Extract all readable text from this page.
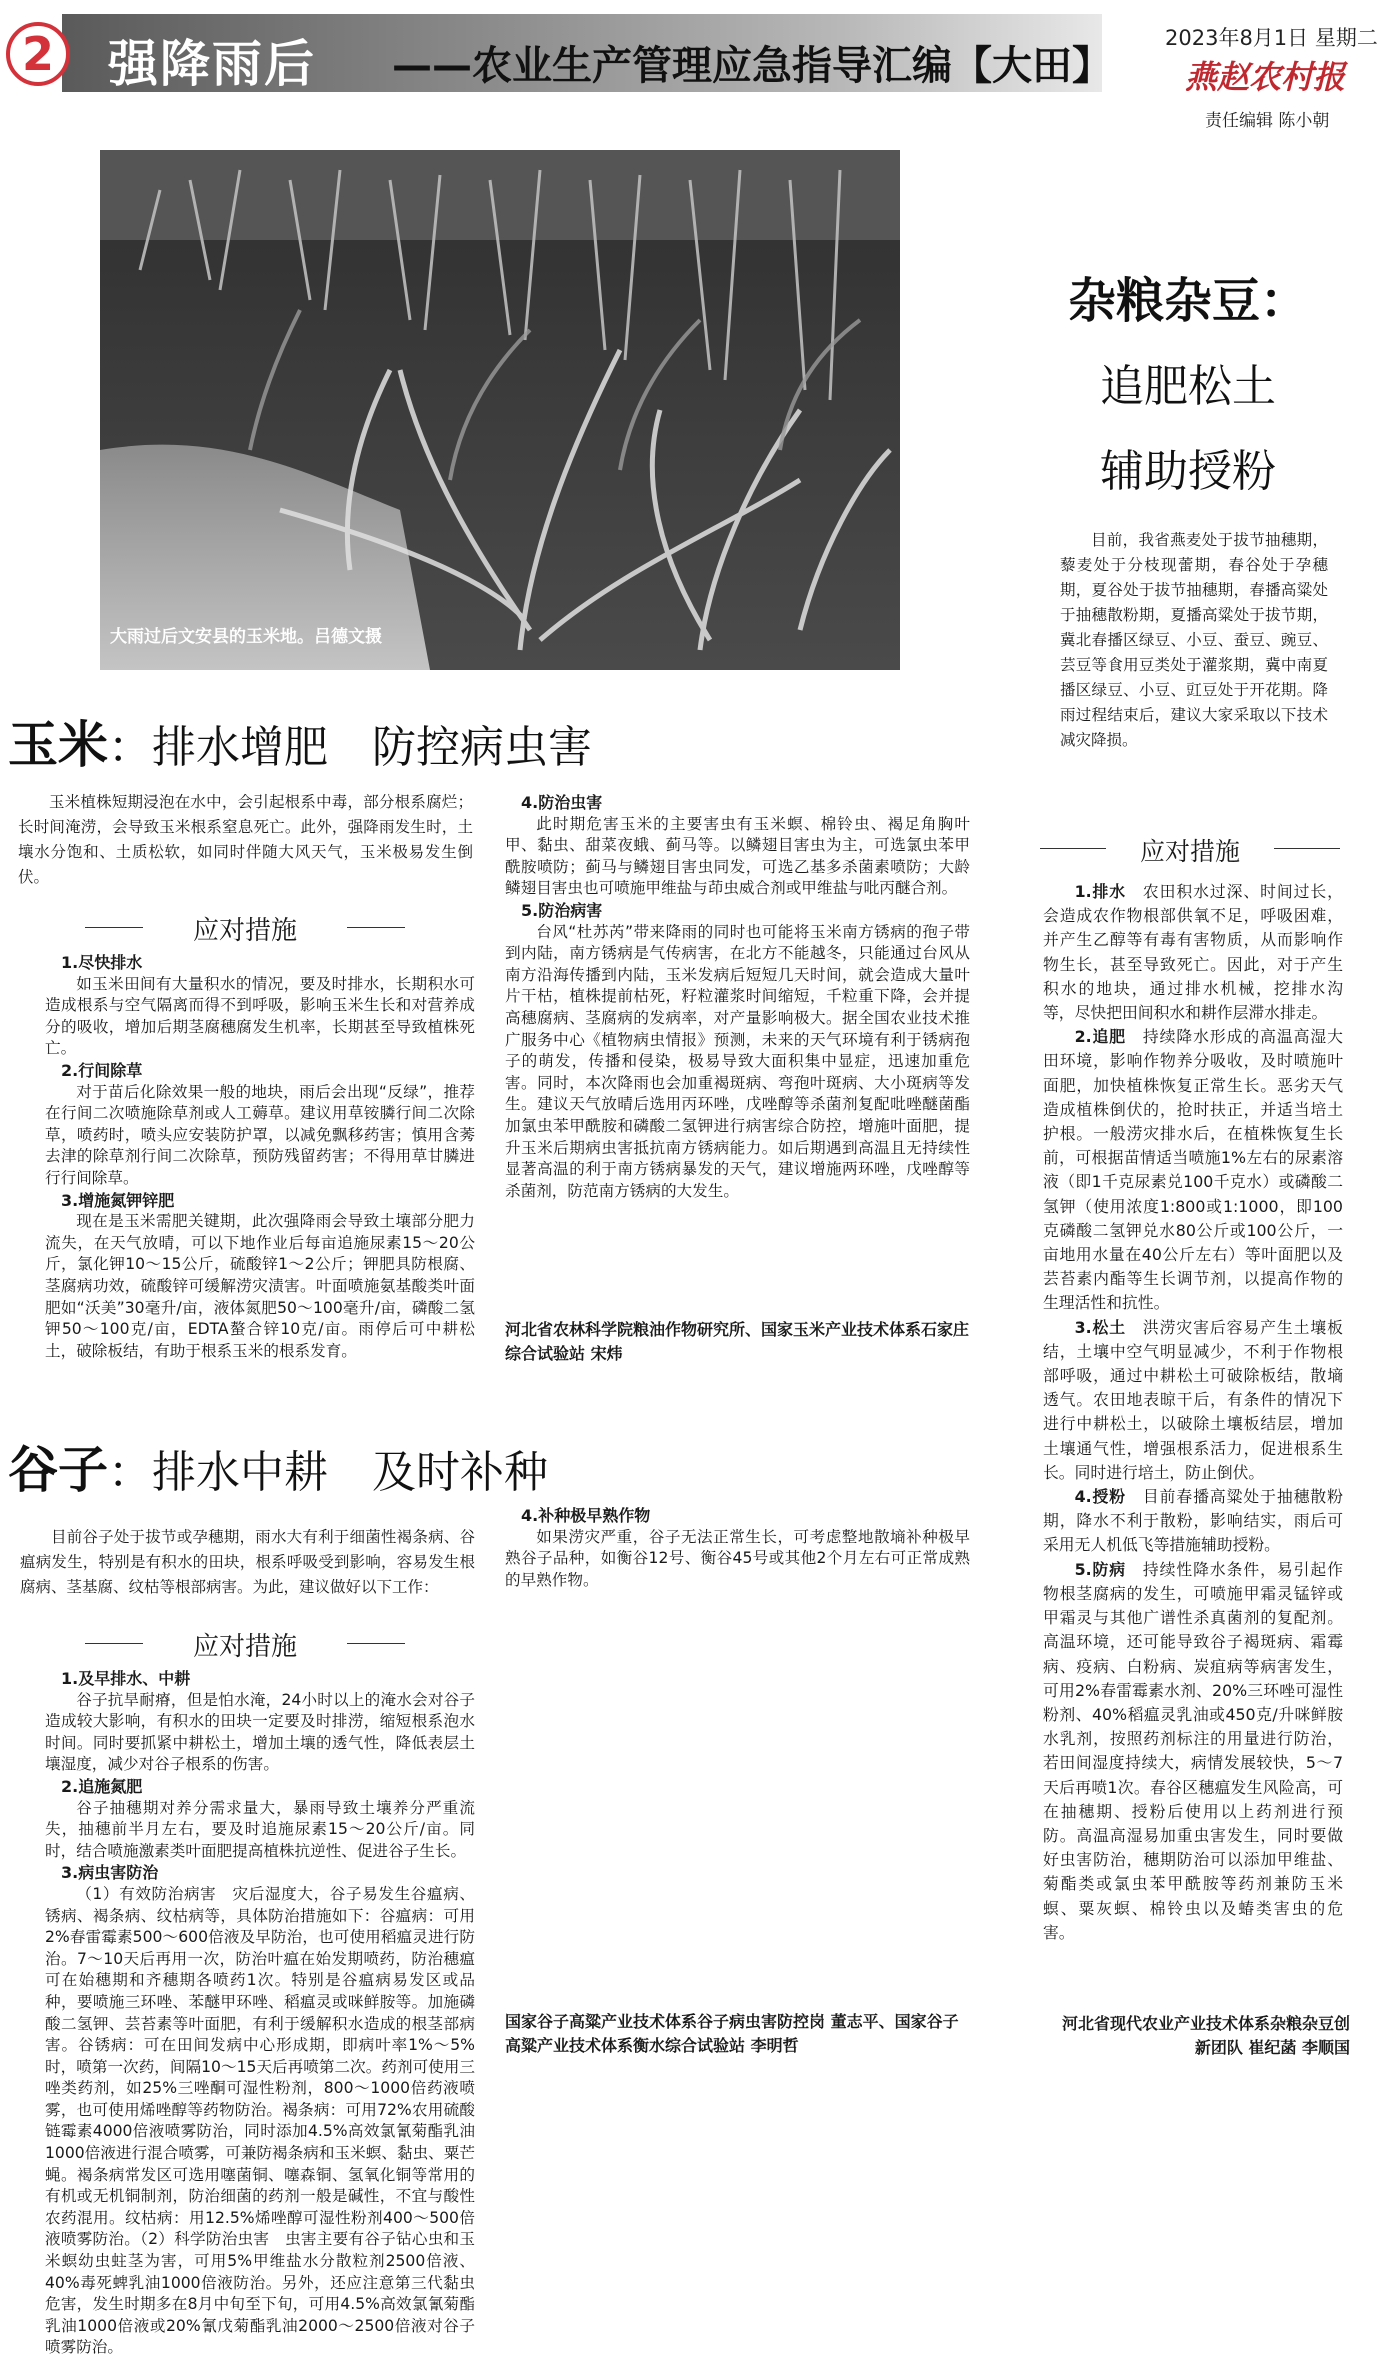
2	强降雨后 ——农业生产管理应急指导汇编【大田】
2023年8月1日 星期二
燕赵农村报
责任编辑 陈小朝
大雨过后文安县的玉米地。吕德文摄
杂粮杂豆：
追肥松土
辅助授粉

目前，我省燕麦处于拔节抽穗期，藜麦处于分枝现蕾期，春谷处于孕穗期，夏谷处于拔节抽穗期，春播高粱处于抽穗散粉期，夏播高粱处于拔节期，冀北春播区绿豆、小豆、蚕豆、豌豆、芸豆等食用豆类处于灌浆期，冀中南夏播区绿豆、小豆、豇豆处于开花期。降雨过程结束后，建议大家采取以下技术减灾降损。

应对措施

1.排水　 农田积水过深、时间过长，会造成农作物根部供氧不足，呼吸困难，并产生乙醇等有毒有害物质，从而影响作物生长，甚至导致死亡。因此，对于产生积水的地块，通过排水机械，挖排水沟等，尽快把田间积水和耕作层滞水排走。

2.追肥　 持续降水形成的高温高湿大田环境，影响作物养分吸收，及时喷施叶面肥，加快植株恢复正常生长。恶劣天气造成植株倒伏的，抢时扶正，并适当培土护根。一般涝灾排水后，在植株恢复生长前，可根据苗情适当喷施1%左右的尿素溶液（即1千克尿素兑100千克水）或磷酸二氢钾（使用浓度1:800或1:1000，即100克磷酸二氢钾兑水80公斤或100公斤，一亩地用水量在40公斤左右）等叶面肥以及芸苔素内酯等生长调节剂，以提高作物的生理活性和抗性。

3.松土　 洪涝灾害后容易产生土壤板结，土壤中空气明显减少，不利于作物根部呼吸，通过中耕松土可破除板结，散墒透气。农田地表晾干后，有条件的情况下进行中耕松土，以破除土壤板结层，增加土壤通气性，增强根系活力，促进根系生长。同时进行培土，防止倒伏。

4.授粉　 目前春播高粱处于抽穗散粉期，降水不利于散粉，影响结实，雨后可采用无人机低飞等措施辅助授粉。

5.防病　 持续性降水条件，易引起作物根茎腐病的发生，可喷施甲霜灵锰锌或甲霜灵与其他广谱性杀真菌剂的复配剂。高温环境，还可能导致谷子褐斑病、霜霉病、疫病、白粉病、炭疽病等病害发生，可用2%春雷霉素水剂、20%三环唑可湿性粉剂、40%稻瘟灵乳油或450克/升咪鲜胺水乳剂，按照药剂标注的用量进行防治，若田间湿度持续大，病情发展较快，5～7天后再喷1次。春谷区穗瘟发生风险高，可在抽穗期、授粉后使用以上药剂进行预防。高温高湿易加重虫害发生，同时要做好虫害防治，穗期防治可以添加甲维盐、菊酯类或氯虫苯甲酰胺等药剂兼防玉米螟、粟灰螟、棉铃虫以及蝽类害虫的危害。

河北省现代农业产业技术体系杂粮杂豆创新团队 崔纪菡 李顺国
玉米：排水增肥　防控病虫害

玉米植株短期浸泡在水中，会引起根系中毒，部分根系腐烂；长时间淹涝，会导致玉米根系窒息死亡。此外，强降雨发生时，土壤水分饱和、土质松软，如同时伴随大风天气，玉米极易发生倒伏。

应对措施
1.尽快排水

如玉米田间有大量积水的情况，要及时排水，长期积水可造成根系与空气隔离而得不到呼吸，影响玉米生长和对营养成分的吸收，增加后期茎腐穗腐发生机率，长期甚至导致植株死亡。

2.行间除草

对于苗后化除效果一般的地块，雨后会出现“反绿”，推荐在行间二次喷施除草剂或人工薅草。建议用草铵膦行间二次除草，喷药时，喷头应安装防护罩，以减免飘移药害；慎用含莠去津的除草剂行间二次除草，预防残留药害；不得用草甘膦进行行间除草。

3.增施氮钾锌肥

现在是玉米需肥关键期，此次强降雨会导致土壤部分肥力流失，在天气放晴，可以下地作业后每亩追施尿素15～20公斤，氯化钾10～15公斤，硫酸锌1～2公斤；钾肥具防根腐、茎腐病功效，硫酸锌可缓解涝灾渍害。叶面喷施氨基酸类叶面肥如“沃美”30毫升/亩，液体氮肥50～100毫升/亩，磷酸二氢钾50～100克/亩，EDTA螯合锌10克/亩。雨停后可中耕松土，破除板结，有助于根系玉米的根系发育。

4.防治虫害

此时期危害玉米的主要害虫有玉米螟、棉铃虫、褐足角胸叶甲、黏虫、甜菜夜蛾、蓟马等。以鳞翅目害虫为主，可选氯虫苯甲酰胺喷防；蓟马与鳞翅目害虫同发，可选乙基多杀菌素喷防；大龄鳞翅目害虫也可喷施甲维盐与茚虫威合剂或甲维盐与吡丙醚合剂。

5.防治病害

台风“杜苏芮”带来降雨的同时也可能将玉米南方锈病的孢子带到内陆，南方锈病是气传病害，在北方不能越冬，只能通过台风从南方沿海传播到内陆，玉米发病后短短几天时间，就会造成大量叶片干枯，植株提前枯死，籽粒灌浆时间缩短，千粒重下降，会并提高穗腐病、茎腐病的发病率，对产量影响极大。据全国农业技术推广服务中心《植物病虫情报》预测，未来的天气环境有利于锈病孢子的萌发，传播和侵染，极易导致大面积集中显症，迅速加重危害。同时，本次降雨也会加重褐斑病、弯孢叶斑病、大小斑病等发生。建议天气放晴后选用丙环唑，戊唑醇等杀菌剂复配吡唑醚菌酯加氯虫苯甲酰胺和磷酸二氢钾进行病害综合防控，增施叶面肥，提升玉米后期病虫害抵抗南方锈病能力。如后期遇到高温且无持续性显著高温的利于南方锈病暴发的天气，建议增施两环唑，戊唑醇等杀菌剂，防范南方锈病的大发生。

河北省农林科学院粮油作物研究所、国家玉米产业技术体系石家庄综合试验站 宋炜
谷子：排水中耕　及时补种

目前谷子处于拔节或孕穗期，雨水大有利于细菌性褐条病、谷瘟病发生，特别是有积水的田块，根系呼吸受到影响，容易发生根腐病、茎基腐、纹枯等根部病害。为此，建议做好以下工作：

应对措施
1.及早排水、中耕

谷子抗旱耐瘠，但是怕水淹，24小时以上的淹水会对谷子造成较大影响，有积水的田块一定要及时排涝，缩短根系泡水时间。同时要抓紧中耕松土，增加土壤的透气性，降低表层土壤湿度，减少对谷子根系的伤害。

2.追施氮肥

谷子抽穗期对养分需求量大，暴雨导致土壤养分严重流失，抽穗前半月左右，要及时追施尿素15～20公斤/亩。同时，结合喷施激素类叶面肥提高植株抗逆性、促进谷子生长。

3.病虫害防治

（1）有效防治病害　灾后湿度大，谷子易发生谷瘟病、锈病、褐条病、纹枯病等，具体防治措施如下：谷瘟病：可用2%春雷霉素500～600倍液及早防治，也可使用稻瘟灵进行防治。7～10天后再用一次，防治叶瘟在始发期喷药，防治穗瘟可在始穗期和齐穗期各喷药1次。特别是谷瘟病易发区或品种，要喷施三环唑、苯醚甲环唑、稻瘟灵或咪鲜胺等。加施磷酸二氢钾、芸苔素等叶面肥，有利于缓解积水造成的根茎部病害。谷锈病：可在田间发病中心形成期，即病叶率1%～5%时，喷第一次药，间隔10～15天后再喷第二次。药剂可使用三唑类药剂，如25%三唑酮可湿性粉剂，800～1000倍药液喷雾，也可使用烯唑醇等药物防治。褐条病：可用72%农用硫酸链霉素4000倍液喷雾防治，同时添加4.5%高效氯氰菊酯乳油1000倍液进行混合喷雾，可兼防褐条病和玉米螟、黏虫、粟芒蝇。褐条病常发区可选用噻菌铜、噻森铜、氢氧化铜等常用的有机或无机铜制剂，防治细菌的药剂一般是碱性，不宜与酸性农药混用。纹枯病：用12.5%烯唑醇可湿性粉剂400～500倍液喷雾防治。（2）科学防治虫害　虫害主要有谷子钻心虫和玉米螟幼虫蛀茎为害，可用5%甲维盐水分散粒剂2500倍液、40%毒死蜱乳油1000倍液防治。另外，还应注意第三代黏虫危害，发生时期多在8月中旬至下旬，可用4.5%高效氯氰菊酯乳油1000倍液或20%氰戊菊酯乳油2000～2500倍液对谷子喷雾防治。

4.补种极早熟作物

如果涝灾严重，谷子无法正常生长，可考虑整地散墒补种极早熟谷子品种，如衡谷12号、衡谷45号或其他2个月左右可正常成熟的早熟作物。

国家谷子高粱产业技术体系谷子病虫害防控岗 董志平、国家谷子高粱产业技术体系衡水综合试验站 李明哲
